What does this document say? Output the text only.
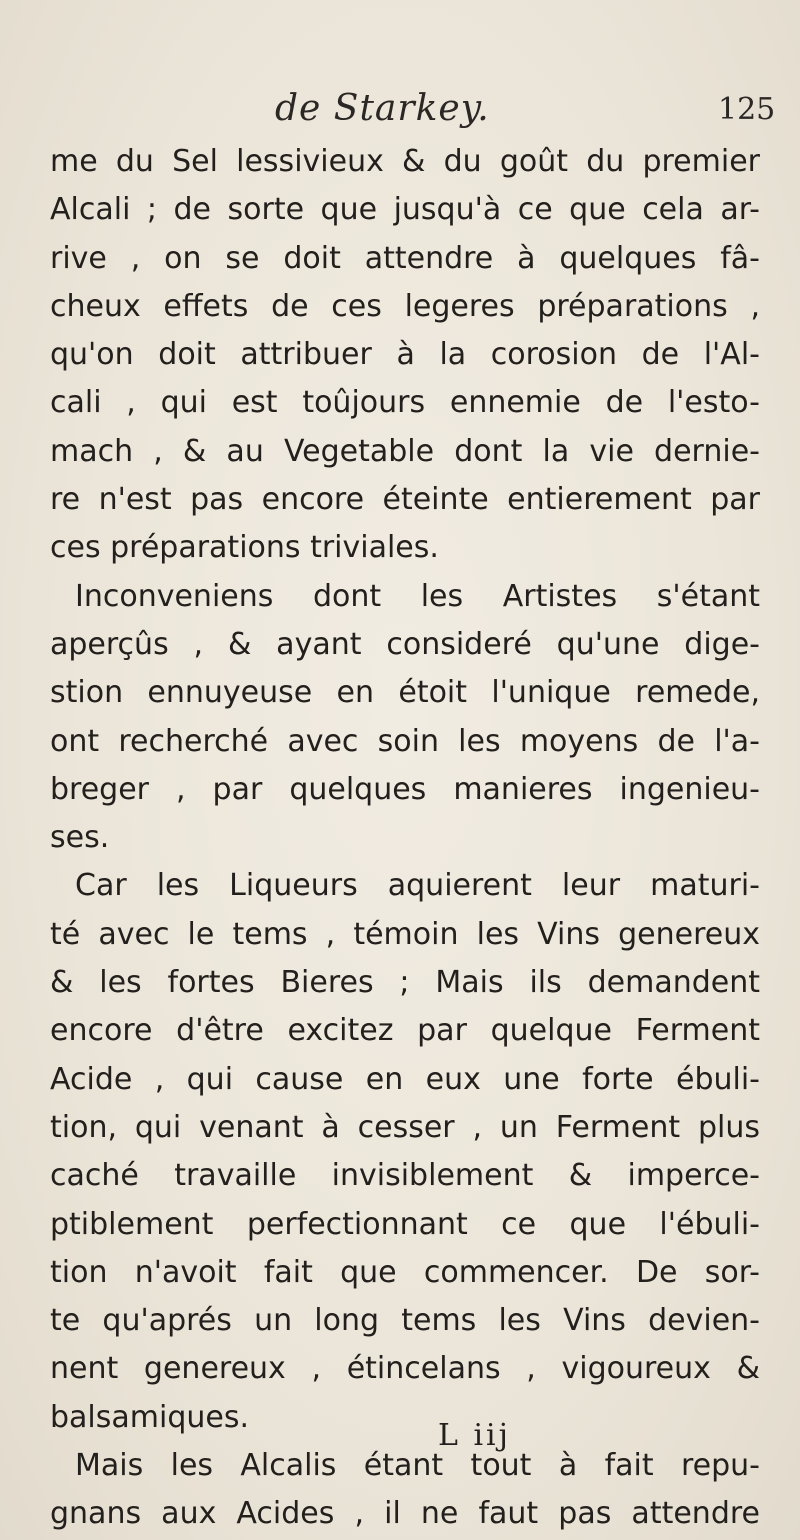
de Starkey.	125
me du Sel lessivieux & du goût du premier
Alcali ; de sorte que jusqu'à ce que cela ar-
rive , on se doit attendre à quelques fâ-
cheux effets de ces legeres préparations ,
qu'on doit attribuer à la corosion de l'Al-
cali , qui est toûjours ennemie de l'esto-
mach , & au Vegetable dont la vie dernie-
re n'est pas encore éteinte entierement par
ces préparations triviales.
Inconveniens dont les Artistes s'étant
aperçûs , & ayant consideré qu'une dige-
stion ennuyeuse en étoit l'unique remede,
ont recherché avec soin les moyens de l'a-
breger , par quelques manieres ingenieu-
ses.
Car les Liqueurs aquierent leur maturi-
té avec le tems , témoin les Vins genereux
& les fortes Bieres ; Mais ils demandent
encore d'être excitez par quelque Ferment
Acide , qui cause en eux une forte ébuli-
tion, qui venant à cesser , un Ferment plus
caché travaille invisiblement & imperce-
ptiblement perfectionnant ce que l'ébuli-
tion n'avoit fait que commencer. De sor-
te qu'aprés un long tems les Vins devien-
nent genereux , étincelans , vigoureux &
balsamiques.
Mais les Alcalis étant tout à fait repu-
gnans aux Acides , il ne faut pas attendre
L iij
